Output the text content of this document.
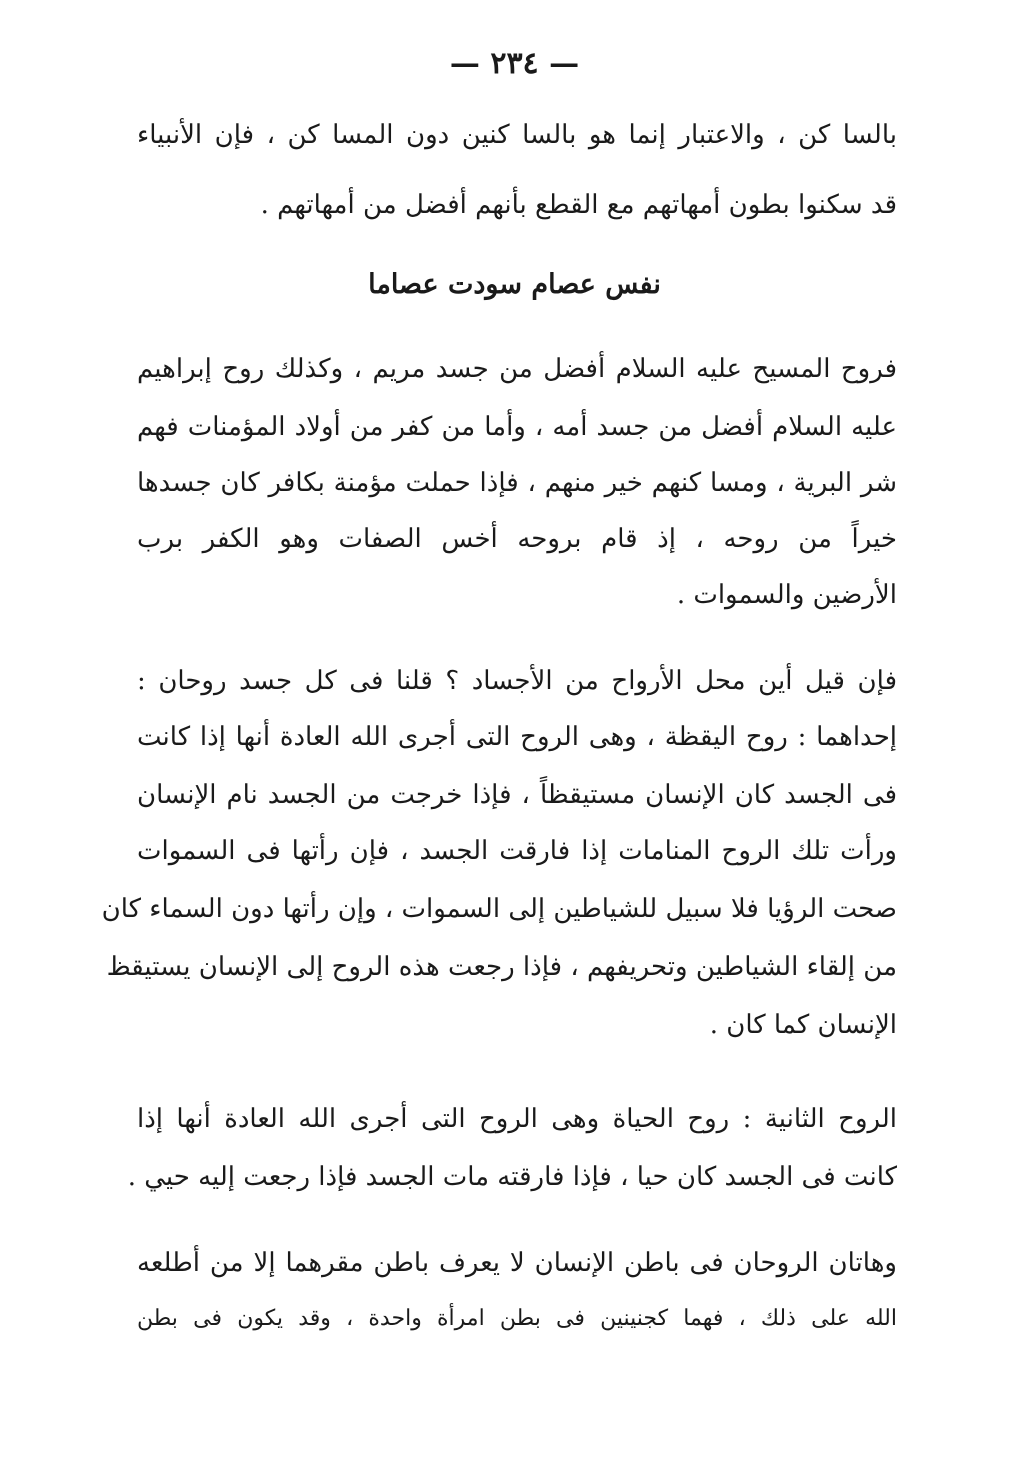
— ٢٣٤ —
بالسا كن ، والاعتبار إنما هو بالسا كنين دون المسا كن ، فإن الأنبياء
قد سكنوا بطون أمهاتهم مع القطع بأنهم أفضل من أمهاتهم .
نفس عصام سودت عصاما
فروح المسيح عليه السلام أفضل من جسد مريم ، وكذلك روح إبراهيم
عليه السلام أفضل من جسد أمه ، وأما من كفر من أولاد المؤمنات فهم
شر البرية ، ومسا كنهم خير منهم ، فإذا حملت مؤمنة بكافر كان جسدها
خيراً من روحه ، إذ قام بروحه أخس الصفات وهو الكفر برب
الأرضين والسموات .
فإن قيل أين محل الأرواح من الأجساد ؟ قلنا فى كل جسد روحان :
إحداهما : روح اليقظة ، وهى الروح التى أجرى الله العادة أنها إذا كانت
فى الجسد كان الإنسان مستيقظاً ، فإذا خرجت من الجسد نام الإنسان
ورأت تلك الروح المنامات إذا فارقت الجسد ، فإن رأتها فى السموات
صحت الرؤيا فلا سبيل للشياطين إلى السموات ، وإن رأتها دون السماء كان
من إلقاء الشياطين وتحريفهم ، فإذا رجعت هذه الروح إلى الإنسان يستيقظ
الإنسان كما كان .
الروح الثانية : روح الحياة وهى الروح التى أجرى الله العادة أنها إذا
كانت فى الجسد كان حيا ، فإذا فارقته مات الجسد فإذا رجعت إليه حيي .
وهاتان الروحان فى باطن الإنسان لا يعرف باطن مقرهما إلا من أطلعه
الله على ذلك ، فهما كجنينين فى بطن امرأة واحدة ، وقد يكون فى بطن
